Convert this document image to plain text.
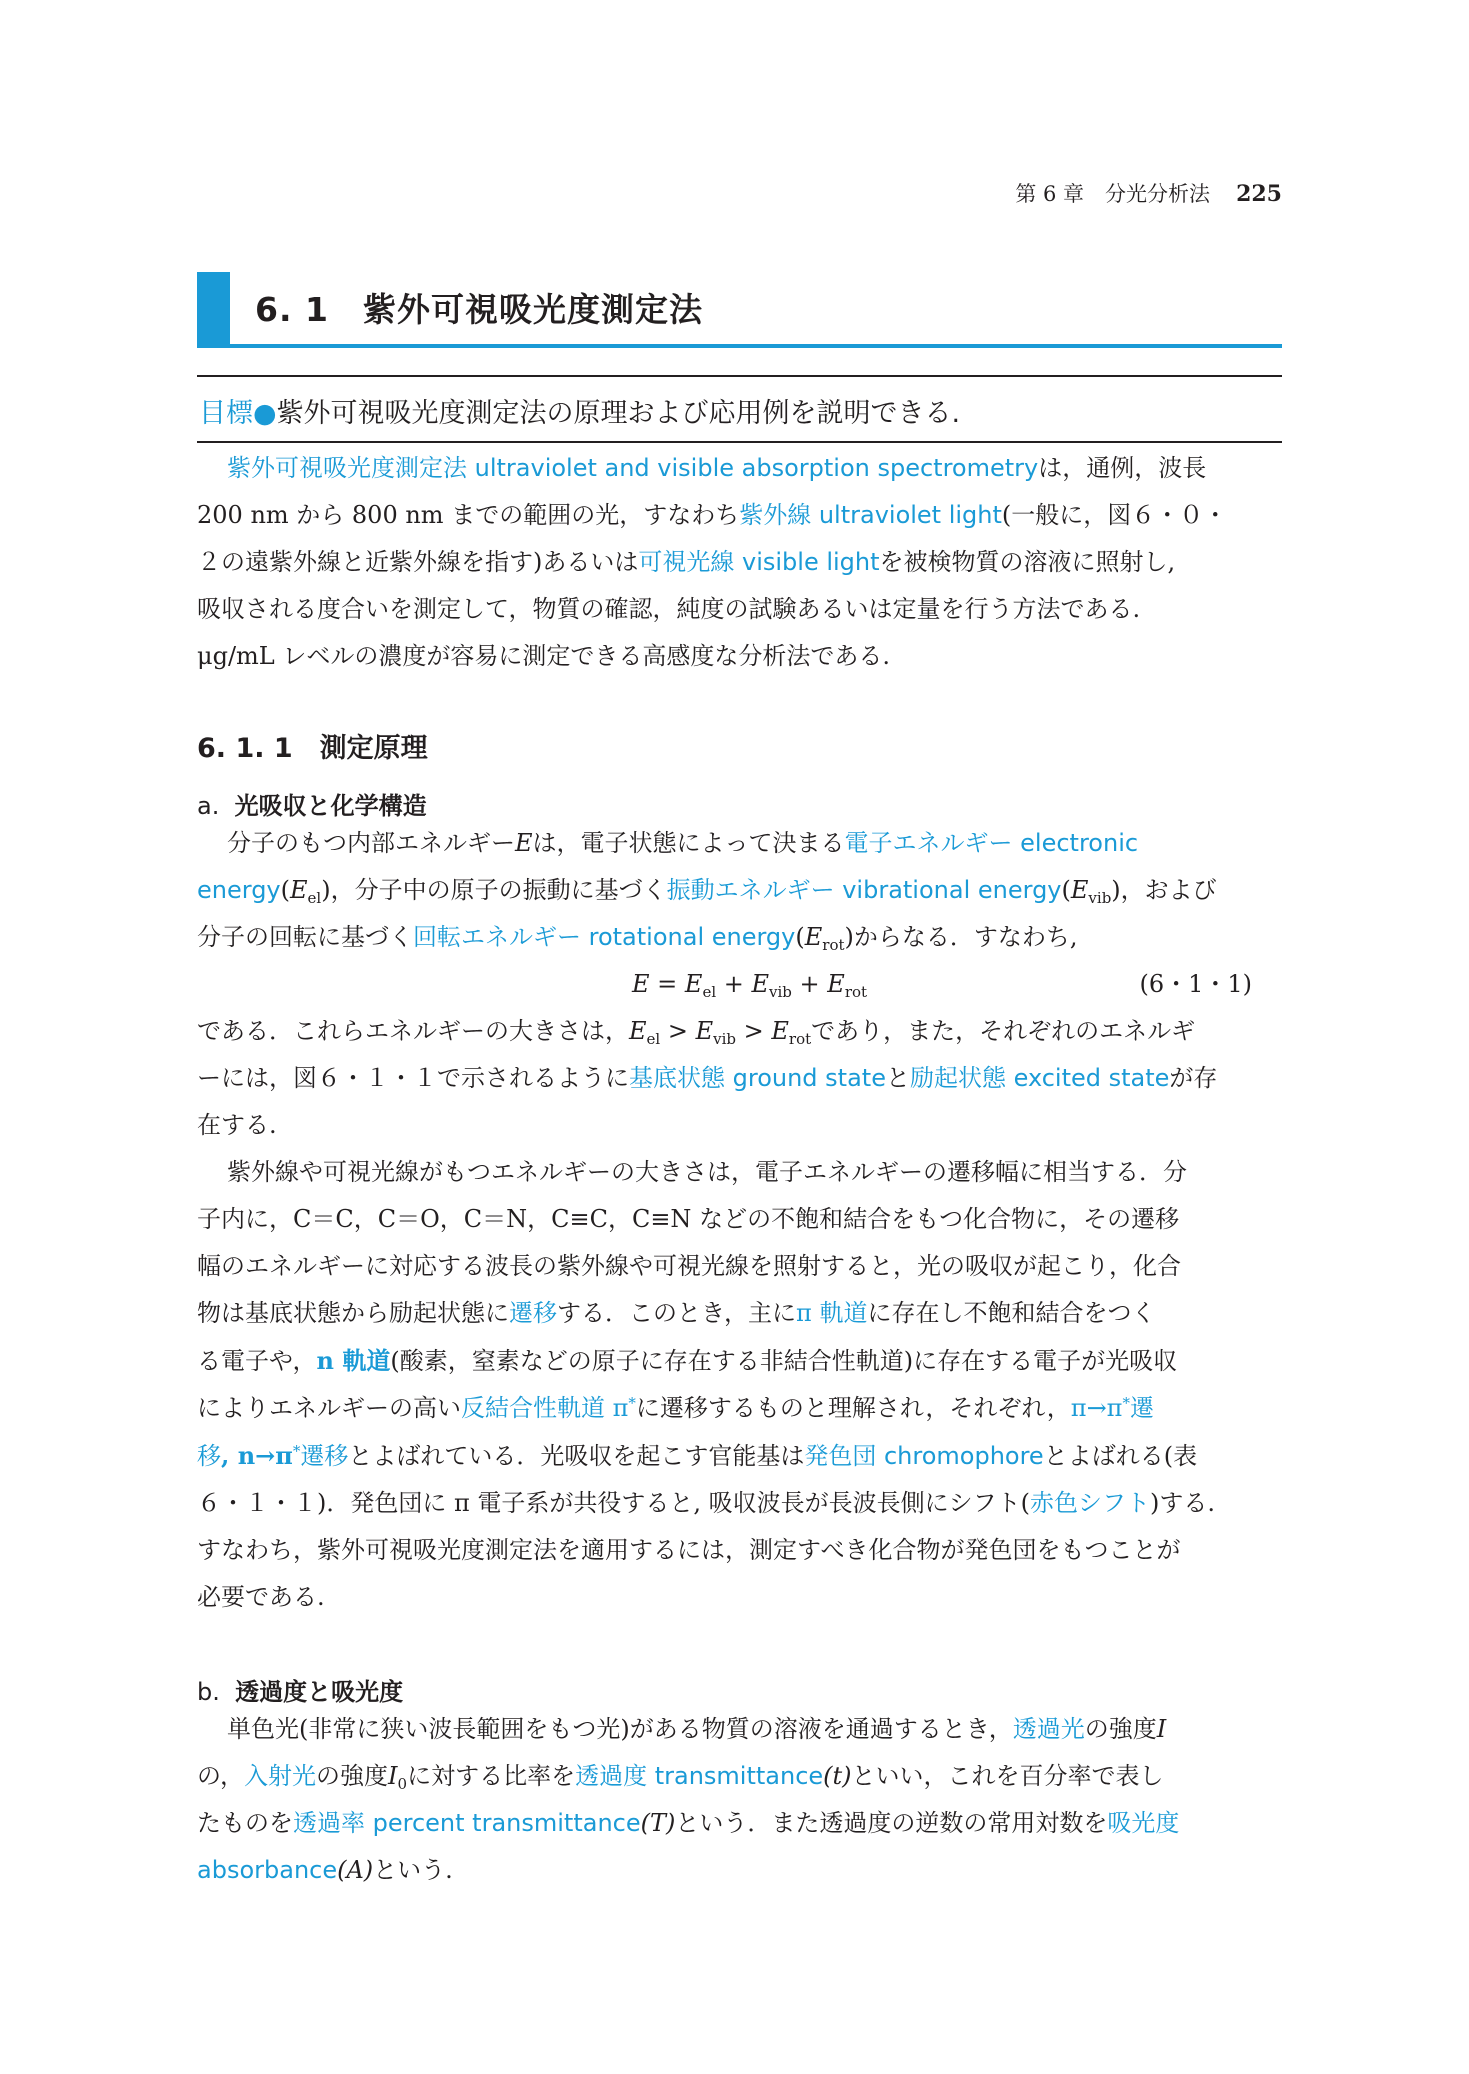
第 6 章　分光分析法 225
6. 1　紫外可視吸光度測定法
目標●紫外可視吸光度測定法の原理および応用例を説明できる.
紫外可視吸光度測定法 ultraviolet and visible absorption spectrometryは，通例，波長
200 nm から 800 nm までの範囲の光，すなわち紫外線 ultraviolet light(一般に，図６・０・
２の遠紫外線と近紫外線を指す)あるいは可視光線 visible lightを被検物質の溶液に照射し,
吸収される度合いを測定して，物質の確認，純度の試験あるいは定量を行う方法である.
μg/mL レベルの濃度が容易に測定できる高感度な分析法である.
6. 1. 1　測定原理
a. 光吸収と化学構造
分子のもつ内部エネルギーEは，電子状態によって決まる電子エネルギー electronic
$energy(E_{el})$，分子中の原子の振動に基づく振動エネルギー vibrational $energy(E_{vib})$，および
分子の回転に基づく回転エネルギー rotational $energy(E_{rot})$からなる．すなわち,
$E = E_{el} + E_{vib} + E_{rot}$	(6・1・1)
である．これらエネルギーの大きさは，$E_{el} > E_{vib} > E_{rot}$であり，また，それぞれのエネルギ
ーには，図６・１・１で示されるように基底状態 ground stateと励起状態 excited stateが存
在する.
紫外線や可視光線がもつエネルギーの大きさは，電子エネルギーの遷移幅に相当する．分
子内に，C＝C，C＝O，C＝N，C≡C，C≡N などの不飽和結合をもつ化合物に，その遷移
幅のエネルギーに対応する波長の紫外線や可視光線を照射すると，光の吸収が起こり，化合
物は基底状態から励起状態に遷移する．このとき，主にπ 軌道に存在し不飽和結合をつく
る電子や，n 軌道(酸素，窒素などの原子に存在する非結合性軌道)に存在する電子が光吸収
によりエネルギーの高い反結合性軌道 π*に遷移するものと理解され，それぞれ，π→π*遷
移, n→π*遷移とよばれている．光吸収を起こす官能基は発色団 chromophoreとよばれる(表
６・１・１)．発色団に π 電子系が共役すると, 吸収波長が長波長側にシフト(赤色シフト)する.
すなわち，紫外可視吸光度測定法を適用するには，測定すべき化合物が発色団をもつことが
必要である.
b. 透過度と吸光度
単色光(非常に狭い波長範囲をもつ光)がある物質の溶液を通過するとき，透過光の強度I
の，入射光の強度$I_0$に対する比率を透過度 transmittance(t)といい，これを百分率で表し
たものを透過率 percent transmittance(T)という．また透過度の逆数の常用対数を吸光度
absorbance(A)という.
